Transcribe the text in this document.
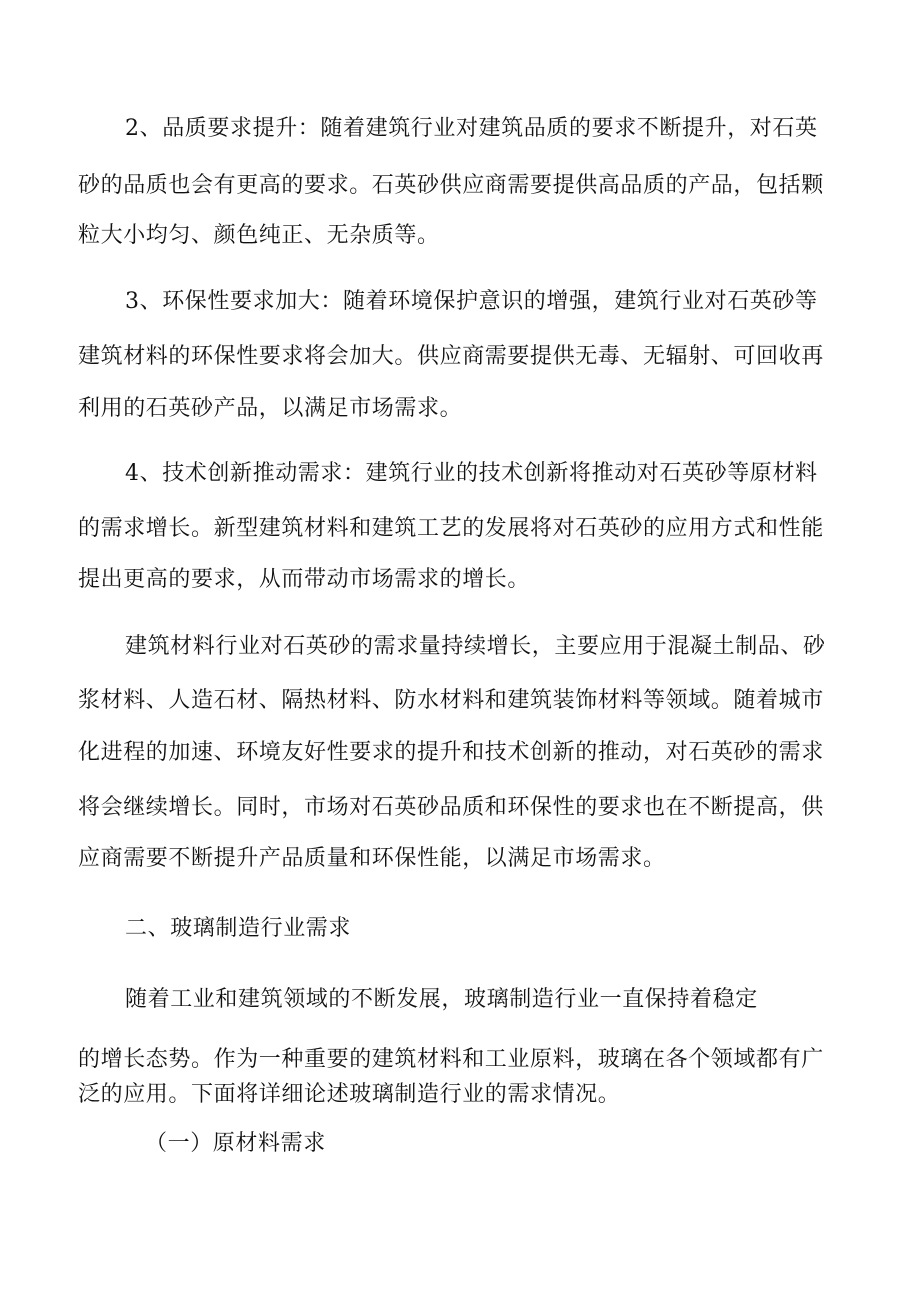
2、品质要求提升：随着建筑行业对建筑品质的要求不断提升，对石英
砂的品质也会有更高的要求。石英砂供应商需要提供高品质的产品，包括颗
粒大小均匀、颜色纯正、无杂质等。
3、环保性要求加大：随着环境保护意识的增强，建筑行业对石英砂等
建筑材料的环保性要求将会加大。供应商需要提供无毒、无辐射、可回收再
利用的石英砂产品，以满足市场需求。
4、技术创新推动需求：建筑行业的技术创新将推动对石英砂等原材料
的需求增长。新型建筑材料和建筑工艺的发展将对石英砂的应用方式和性能
提出更高的要求，从而带动市场需求的增长。
建筑材料行业对石英砂的需求量持续增长，主要应用于混凝土制品、砂
浆材料、人造石材、隔热材料、防水材料和建筑装饰材料等领域。随着城市
化进程的加速、环境友好性要求的提升和技术创新的推动，对石英砂的需求
将会继续增长。同时，市场对石英砂品质和环保性的要求也在不断提高，供
应商需要不断提升产品质量和环保性能，以满足市场需求。
二、玻璃制造行业需求
随着工业和建筑领域的不断发展，玻璃制造行业一直保持着稳定
的增长态势。作为一种重要的建筑材料和工业原料，玻璃在各个领域都有广
泛的应用。下面将详细论述玻璃制造行业的需求情况。
（一）原材料需求
